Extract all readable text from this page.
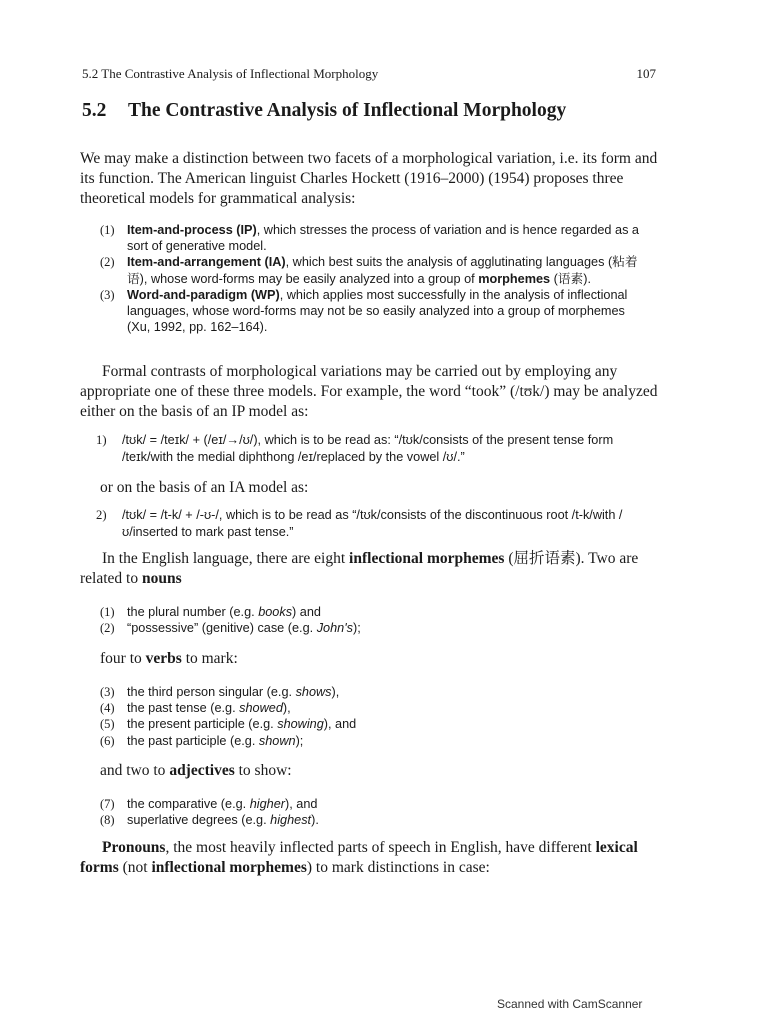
5.2 The Contrastive Analysis of Inflectional Morphology	107
5.2	The Contrastive Analysis of Inflectional Morphology

We may make a distinction between two facets of a morphological variation, i.e. its form and its function. The American linguist Charles Hockett (1916–2000) (1954) proposes three theoretical models for grammatical analysis:

(1) Item-and-process (IP), which stresses the process of variation and is hence regarded as a sort of generative model.
(2) Item-and-arrangement (IA), which best suits the analysis of agglutinating languages (粘着语), whose word-forms may be easily analyzed into a group of morphemes (语素).
(3) Word-and-paradigm (WP), which applies most successfully in the analysis of inflectional languages, whose word-forms may not be so easily analyzed into a group of morphemes (Xu, 1992, pp. 162–164).

Formal contrasts of morphological variations may be carried out by employing any appropriate one of these three models. For example, the word “took” (/tʊk/) may be analyzed either on the basis of an IP model as:

1)	/tʊk/ = /teɪk/ + (/eɪ/→/ʊ/), which is to be read as: “/tʊk/consists of the present tense form /teɪk/with the medial diphthong /eɪ/replaced by the vowel /ʊ/.”
or on the basis of an IA model as:
2)	/tʊk/ = /t-k/ + /-ʊ-/, which is to be read as “/tʊk/consists of the discontinuous root /t-k/with /ʊ/inserted to mark past tense.”

In the English language, there are eight inflectional morphemes (屈折语素). Two are related to nouns

(1) the plural number (e.g. books) and
(2) “possessive” (genitive) case (e.g. John's);
four to verbs to mark:
(3) the third person singular (e.g. shows),
(4) the past tense (e.g. showed),
(5) the present participle (e.g. showing), and
(6) the past participle (e.g. shown);
and two to adjectives to show:
(7) the comparative (e.g. higher), and
(8) superlative degrees (e.g. highest).

Pronouns, the most heavily inflected parts of speech in English, have different lexical forms (not inflectional morphemes) to mark distinctions in case:

Scanned with CamScanner
